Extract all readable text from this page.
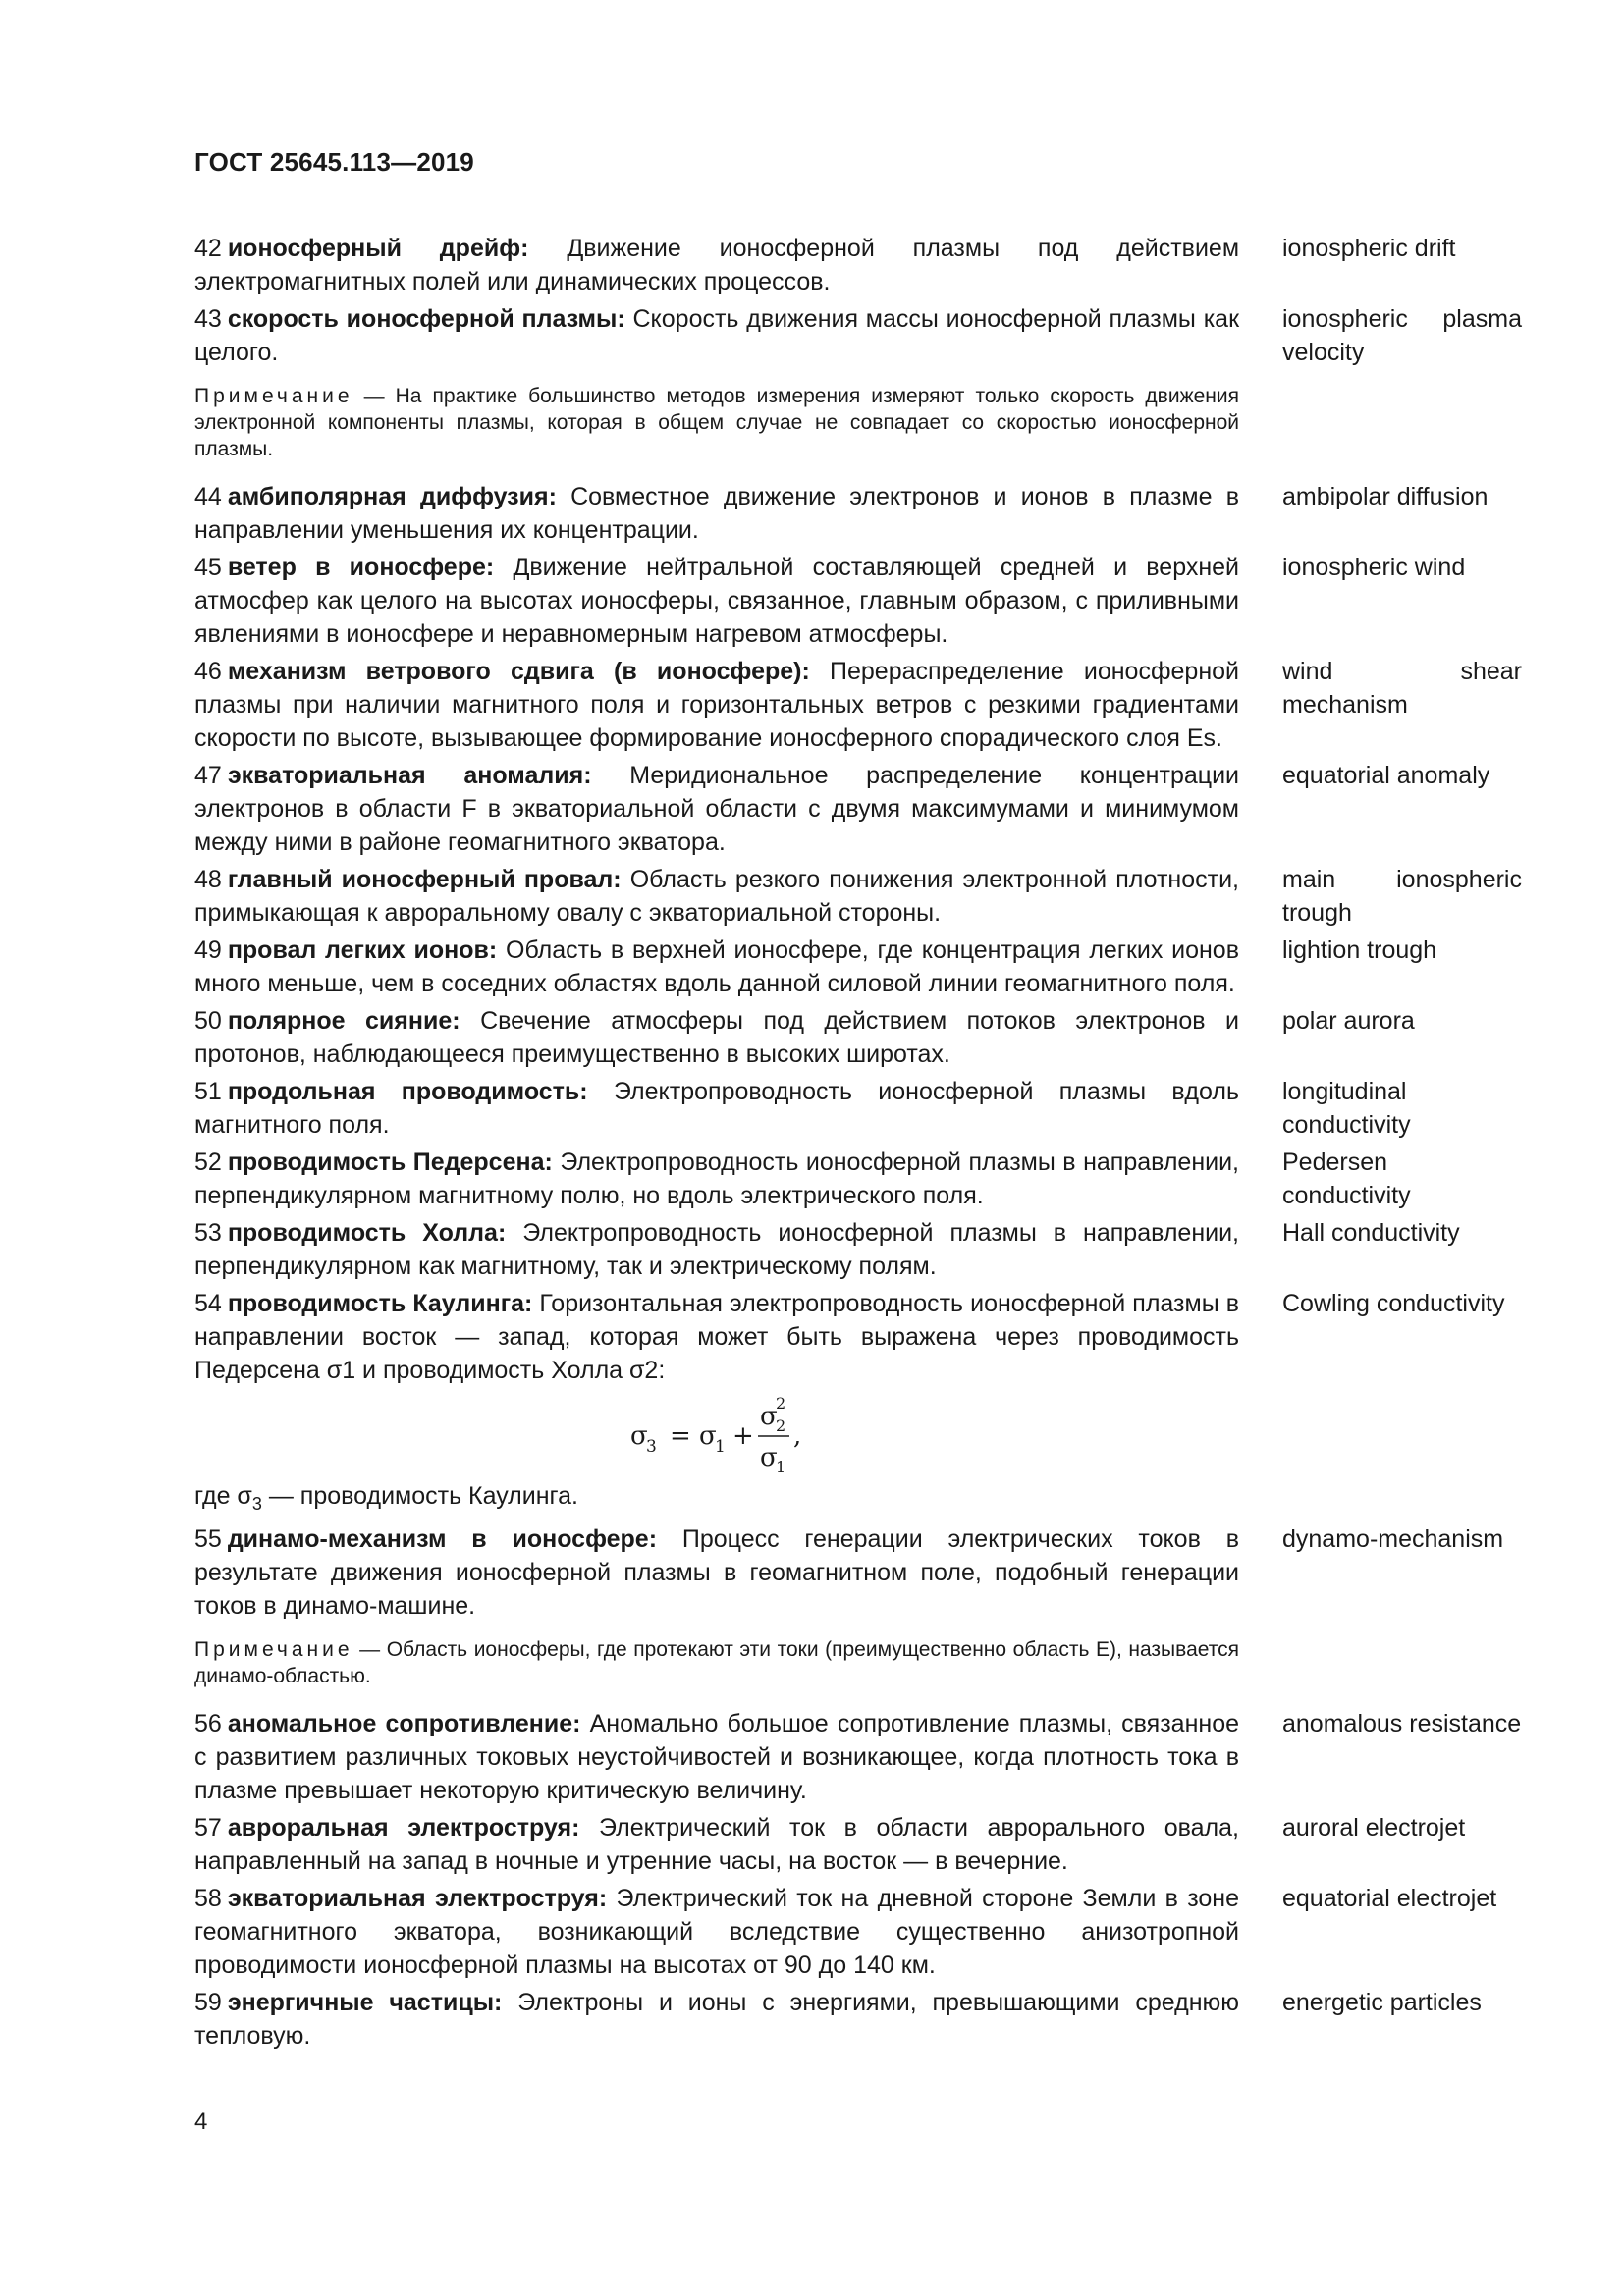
ГОСТ 25645.113—2019
42 ионосферный дрейф: Движение ионосферной плазмы под действием электромагнитных полей или динамических процессов.
ionospheric drift
43 скорость ионосферной плазмы: Скорость движения массы ионосферной плазмы как целого.
ionospheric plasma velocity
Примечание — На практике большинство методов измерения измеряют только скорость движения электронной компоненты плазмы, которая в общем случае не совпадает со скоростью ионосферной плазмы.
44 амбиполярная диффузия: Совместное движение электронов и ионов в плазме в направлении уменьшения их концентрации.
ambipolar diffusion
45 ветер в ионосфере: Движение нейтральной составляющей средней и верхней атмосфер как целого на высотах ионосферы, связанное, главным образом, с приливными явлениями в ионосфере и неравномерным нагревом атмосферы.
ionospheric wind
46 механизм ветрового сдвига (в ионосфере): Перераспределение ионосферной плазмы при наличии магнитного поля и горизонтальных ветров с резкими градиентами скорости по высоте, вызывающее формирование ионосферного спорадического слоя Es.
wind shear mechanism
47 экваториальная аномалия: Меридиональное распределение концентрации электронов в области F в экваториальной области с двумя максимумами и минимумом между ними в районе геомагнитного экватора.
equatorial anomaly
48 главный ионосферный провал: Область резкого понижения электронной плотности, примыкающая к авроральному овалу с экваториальной стороны.
main ionospheric trough
49 провал легких ионов: Область в верхней ионосфере, где концентрация легких ионов много меньше, чем в соседних областях вдоль данной силовой линии геомагнитного поля.
lightion trough
50 полярное сияние: Свечение атмосферы под действием потоков электронов и протонов, наблюдающееся преимущественно в высоких широтах.
polar aurora
51 продольная проводимость: Электропроводность ионосферной плазмы вдоль магнитного поля.
longitudinal conductivity
52 проводимость Педерсена: Электропроводность ионосферной плазмы в направлении, перпендикулярном магнитному полю, но вдоль электрического поля.
Pedersen conductivity
53 проводимость Холла: Электропроводность ионосферной плазмы в направлении, перпендикулярном как магнитному, так и электрическому полям.
Hall conductivity
54 проводимость Каулинга: Горизонтальная электропроводность ионосферной плазмы в направлении восток — запад, которая может быть выражена через проводимость Педерсена σ1 и проводимость Холла σ2:
Cowling conductivity
σ
3 = σ
1 +
σ
2
2
σ
1
,
где $\sigma_3$ — проводимость Каулинга.
55 динамо-механизм в ионосфере: Процесс генерации электрических токов в результате движения ионосферной плазмы в геомагнитном поле, подобный генерации токов в динамо-машине.
dynamo-mechanism
Примечание — Область ионосферы, где протекают эти токи (преимущественно область E), называется динамо-областью.
56 аномальное сопротивление: Аномально большое сопротивление плазмы, связанное с развитием различных токовых неустойчивостей и возникающее, когда плотность тока в плазме превышает некоторую критическую величину.
anomalous resistance
57 авроральная электроструя: Электрический ток в области аврорального овала, направленный на запад в ночные и утренние часы, на восток — в вечерние.
auroral electrojet
58 экваториальная электроструя: Электрический ток на дневной стороне Земли в зоне геомагнитного экватора, возникающий вследствие существенно анизотропной проводимости ионосферной плазмы на высотах от 90 до 140 км.
equatorial electrojet
59 энергичные частицы: Электроны и ионы с энергиями, превышающими среднюю тепловую.
energetic particles
4
